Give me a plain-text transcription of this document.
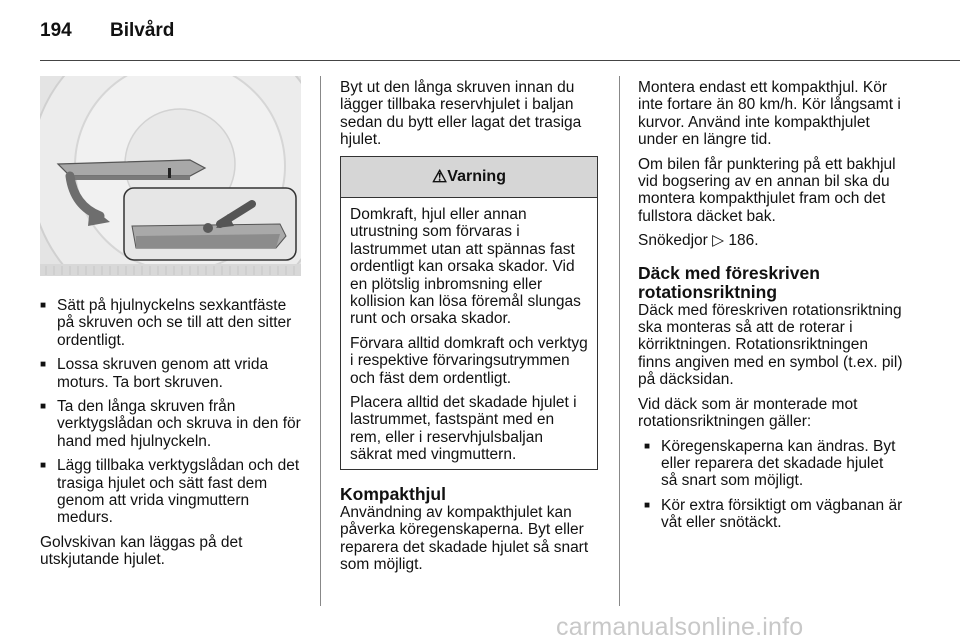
194 Bilvård
■ Sätt på hjulnyckelns sexkantfäste på skruven och se till att den sitter ordentligt.
■ Lossa skruven genom att vrida moturs. Ta bort skruven.
■ Ta den långa skruven från verktygslådan och skruva in den för hand med hjulnyckeln.
■ Lägg tillbaka verktygslådan och det trasiga hjulet och sätt fast dem genom att vrida vingmuttern medurs.

Golvskivan kan läggas på det utskjutande hjulet.

Byt ut den långa skruven innan du lägger tillbaka reservhjulet i baljan sedan du bytt eller lagat det trasiga hjulet.

⚠Varning

Domkraft, hjul eller annan utrustning som förvaras i lastrummet utan att spännas fast ordentligt kan orsaka skador. Vid en plötslig inbromsning eller kollision kan lösa föremål slungas runt och orsaka skador.

Förvara alltid domkraft och verktyg i respektive förvaringsutrymmen och fäst dem ordentligt.

Placera alltid det skadade hjulet i lastrummet, fastspänt med en rem, eller i reservhjulsbaljan säkrat med vingmuttern.

Kompakthjul

Användning av kompakthjulet kan påverka köregenskaperna. Byt eller reparera det skadade hjulet så snart som möjligt.

Montera endast ett kompakthjul. Kör inte fortare än 80 km/h. Kör långsamt i kurvor. Använd inte kompakthjulet under en längre tid.

Om bilen får punktering på ett bakhjul vid bogsering av en annan bil ska du montera kompakthjulet fram och det fullstora däcket bak.

Snökedjor ▷ 186.

Däck med föreskriven rotationsriktning

Däck med föreskriven rotationsriktning ska monteras så att de roterar i körriktningen. Rotationsriktningen finns angiven med en symbol (t.ex. pil) på däcksidan.

Vid däck som är monterade mot rotationsriktningen gäller:

■ Köregenskaperna kan ändras. Byt eller reparera det skadade hjulet så snart som möjligt.
■ Kör extra försiktigt om vägbanan är våt eller snötäckt.
carmanualsonline.info
